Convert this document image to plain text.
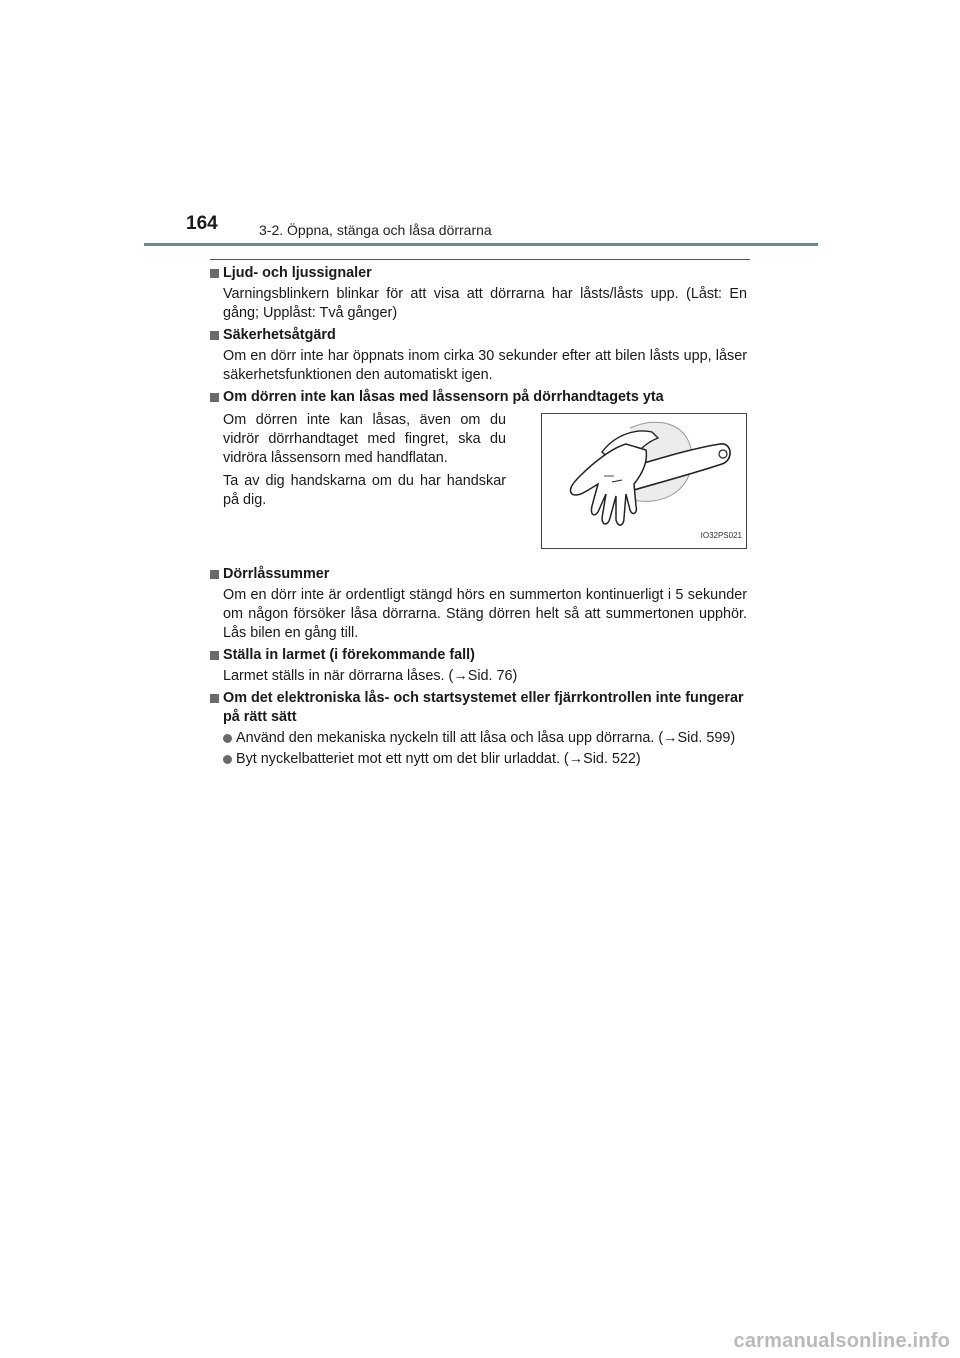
164	3-2. Öppna, stänga och låsa dörrarna
Ljud- och ljussignaler
Varningsblinkern blinkar för att visa att dörrarna har låsts/låsts upp. (Låst: En gång; Upplåst: Två gånger)
Säkerhetsåtgärd
Om en dörr inte har öppnats inom cirka 30 sekunder efter att bilen låsts upp, låser säkerhetsfunktionen den automatiskt igen.
Om dörren inte kan låsas med låssensorn på dörrhandtagets yta

Om dörren inte kan låsas, även om du vidrör dörrhandtaget med fingret, ska du vidröra låssensorn med handflatan.

Ta av dig handskarna om du har handskar på dig.

IO32PS021
Dörrlåssummer
Om en dörr inte är ordentligt stängd hörs en summerton kontinuerligt i 5 sekunder om någon försöker låsa dörrarna. Stäng dörren helt så att summertonen upphör. Lås bilen en gång till.
Ställa in larmet (i förekommande fall)
Larmet ställs in när dörrarna låses. (→Sid. 76)
Om det elektroniska lås- och startsystemet eller fjärrkontrollen inte fungerar på rätt sätt
Använd den mekaniska nyckeln till att låsa och låsa upp dörrarna. (→Sid. 599)
Byt nyckelbatteriet mot ett nytt om det blir urladdat. (→Sid. 522)
carmanualsonline.info
